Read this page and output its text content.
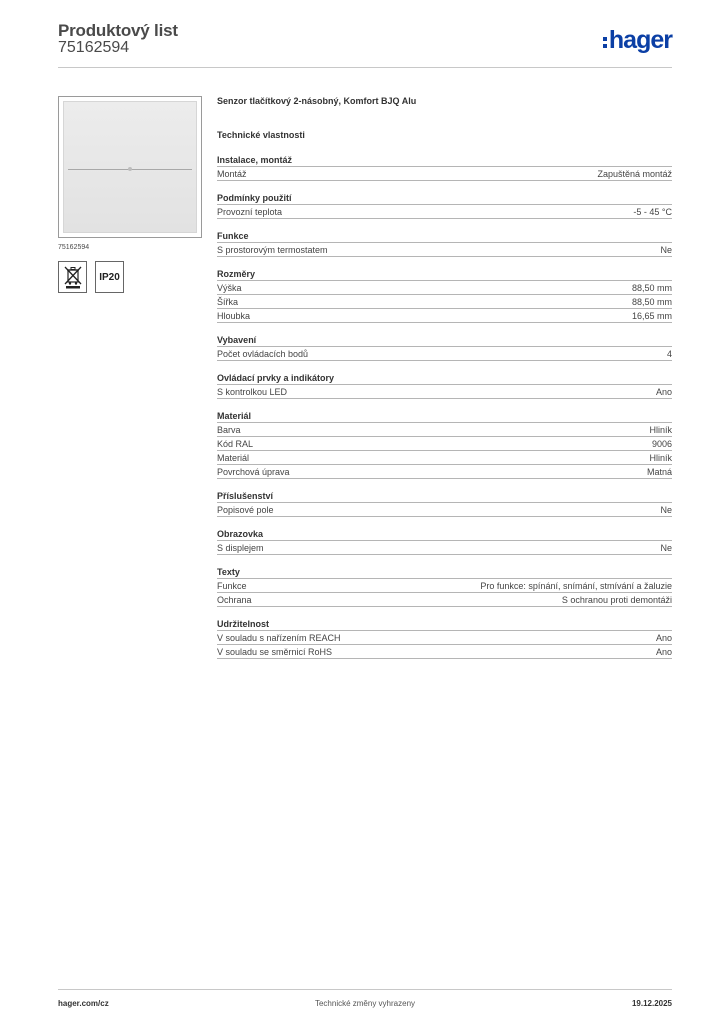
Produktový list
75162594	hager
75162594
IP20
Senzor tlačítkový 2-násobný, Komfort BJQ Alu
Technické vlastnosti
Instalace, montáž
Montáž	Zapuštěná montáž
Podmínky použití
Provozní teplota	-5 - 45 °C
Funkce
S prostorovým termostatem	Ne
Rozměry
Výška	88,50 mm
Šířka	88,50 mm
Hloubka	16,65 mm
Vybavení
Počet ovládacích bodů	4
Ovládací prvky a indikátory
S kontrolkou LED	Ano
Materiál
Barva	Hliník
Kód RAL	9006
Materiál	Hliník
Povrchová úprava	Matná
Příslušenství
Popisové pole	Ne
Obrazovka
S displejem	Ne
Texty
Funkce	Pro funkce: spínání, snímání, stmívání a žaluzie
Ochrana	S ochranou proti demontáži
Udržitelnost
V souladu s nařízením REACH	Ano
V souladu se směrnicí RoHS	Ano
hager.com/cz	Technické změny vyhrazeny	19.12.2025
